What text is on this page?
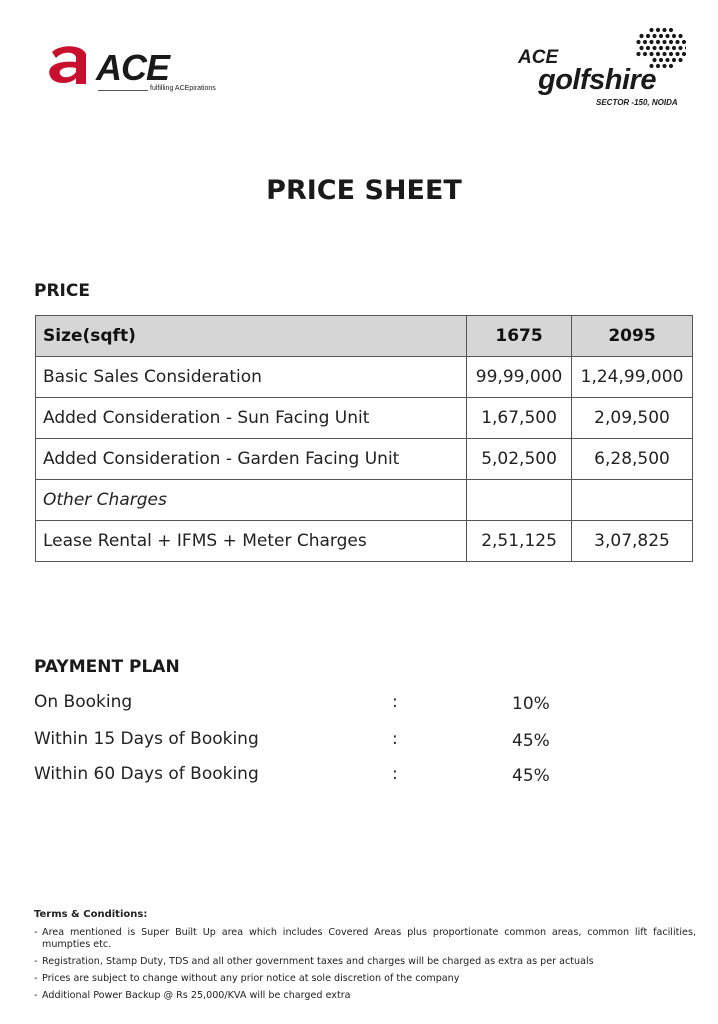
ACE
fulfilling ACEpirations
ACE
golfshire
SECTOR -150, NOIDA
PRICE SHEET
PRICE
Size(sqft)	1675	2095
Basic Sales Consideration	99,99,000	1,24,99,000
Added Consideration - Sun Facing Unit	1,67,500	2,09,500
Added Consideration - Garden Facing Unit	5,02,500	6,28,500
Other Charges		
Lease Rental + IFMS + Meter Charges	2,51,125	3,07,825
PAYMENT PLAN
On Booking	:	10%
Within 15 Days of Booking	:	45%
Within 60 Days of Booking	:	45%
Terms & Conditions:
- Area mentioned is Super Built Up area which includes Covered Areas plus proportionate common areas, common lift facilities, mumpties etc.
- Registration, Stamp Duty, TDS and all other government taxes and charges will be charged as extra as per actuals
- Prices are subject to change without any prior notice at sole discretion of the company
- Additional Power Backup @ Rs 25,000/KVA will be charged extra
